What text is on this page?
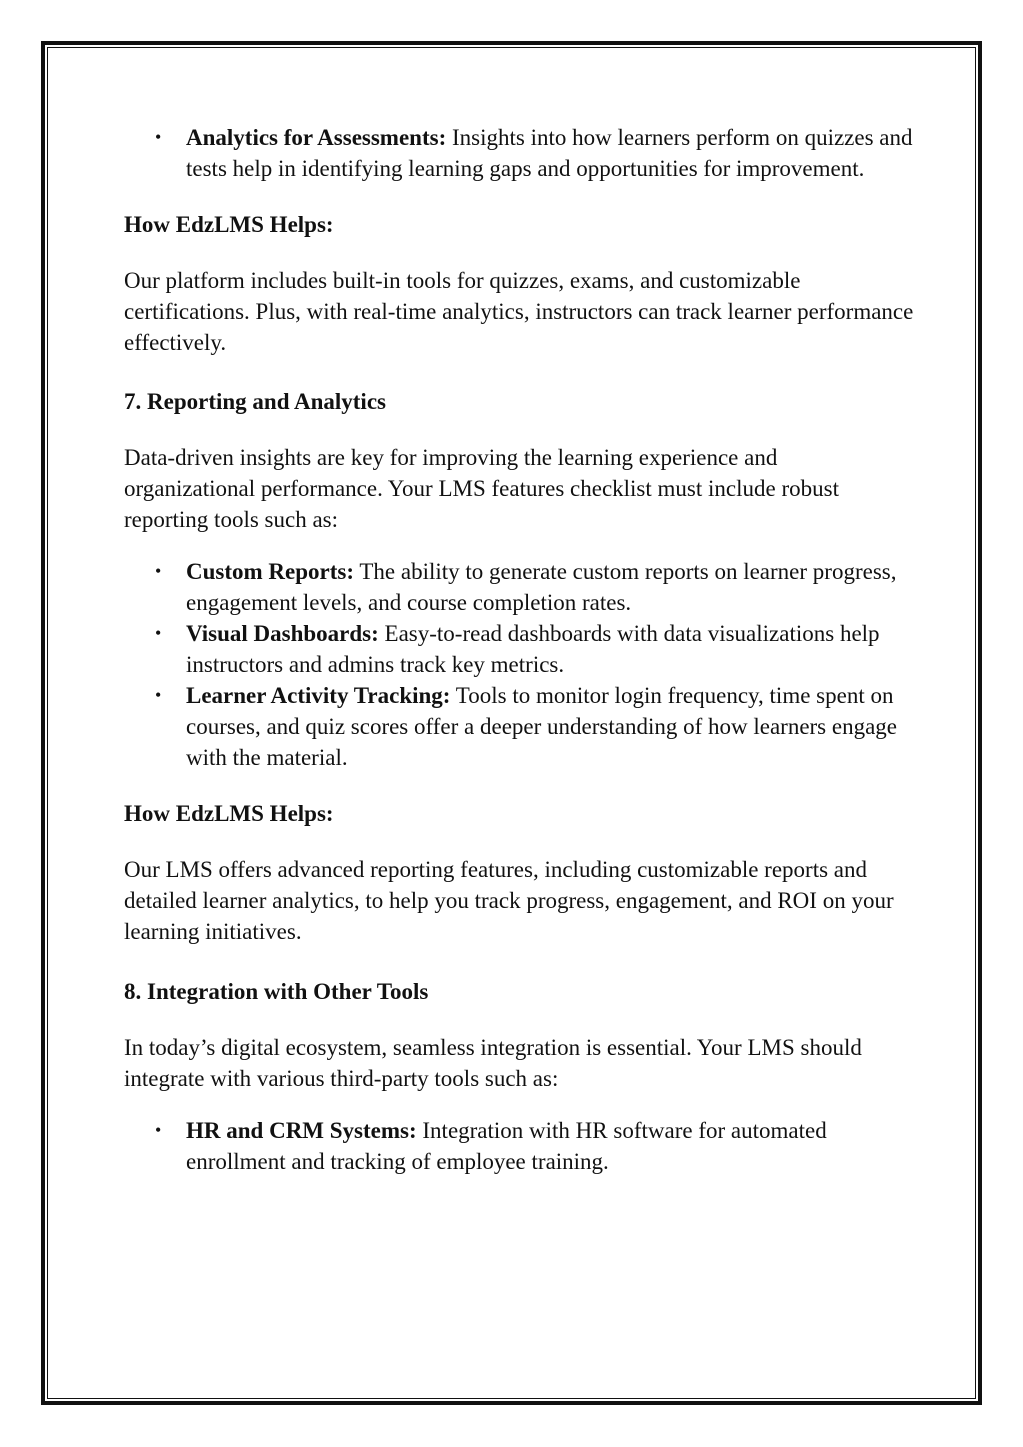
• Analytics for Assessments: Insights into how learners perform on quizzes and tests help in identifying learning gaps and opportunities for improvement.

How EdzLMS Helps:

Our platform includes built-in tools for quizzes, exams, and customizable certifications. Plus, with real-time analytics, instructors can track learner performance effectively.

7. Reporting and Analytics

Data-driven insights are key for improving the learning experience and organizational performance. Your LMS features checklist must include robust reporting tools such as:

• Custom Reports: The ability to generate custom reports on learner progress, engagement levels, and course completion rates.
• Visual Dashboards: Easy-to-read dashboards with data visualizations help instructors and admins track key metrics.
• Learner Activity Tracking: Tools to monitor login frequency, time spent on courses, and quiz scores offer a deeper understanding of how learners engage with the material.

How EdzLMS Helps:

Our LMS offers advanced reporting features, including customizable reports and detailed learner analytics, to help you track progress, engagement, and ROI on your learning initiatives.

8. Integration with Other Tools

In today’s digital ecosystem, seamless integration is essential. Your LMS should integrate with various third-party tools such as:

• HR and CRM Systems: Integration with HR software for automated enrollment and tracking of employee training.
